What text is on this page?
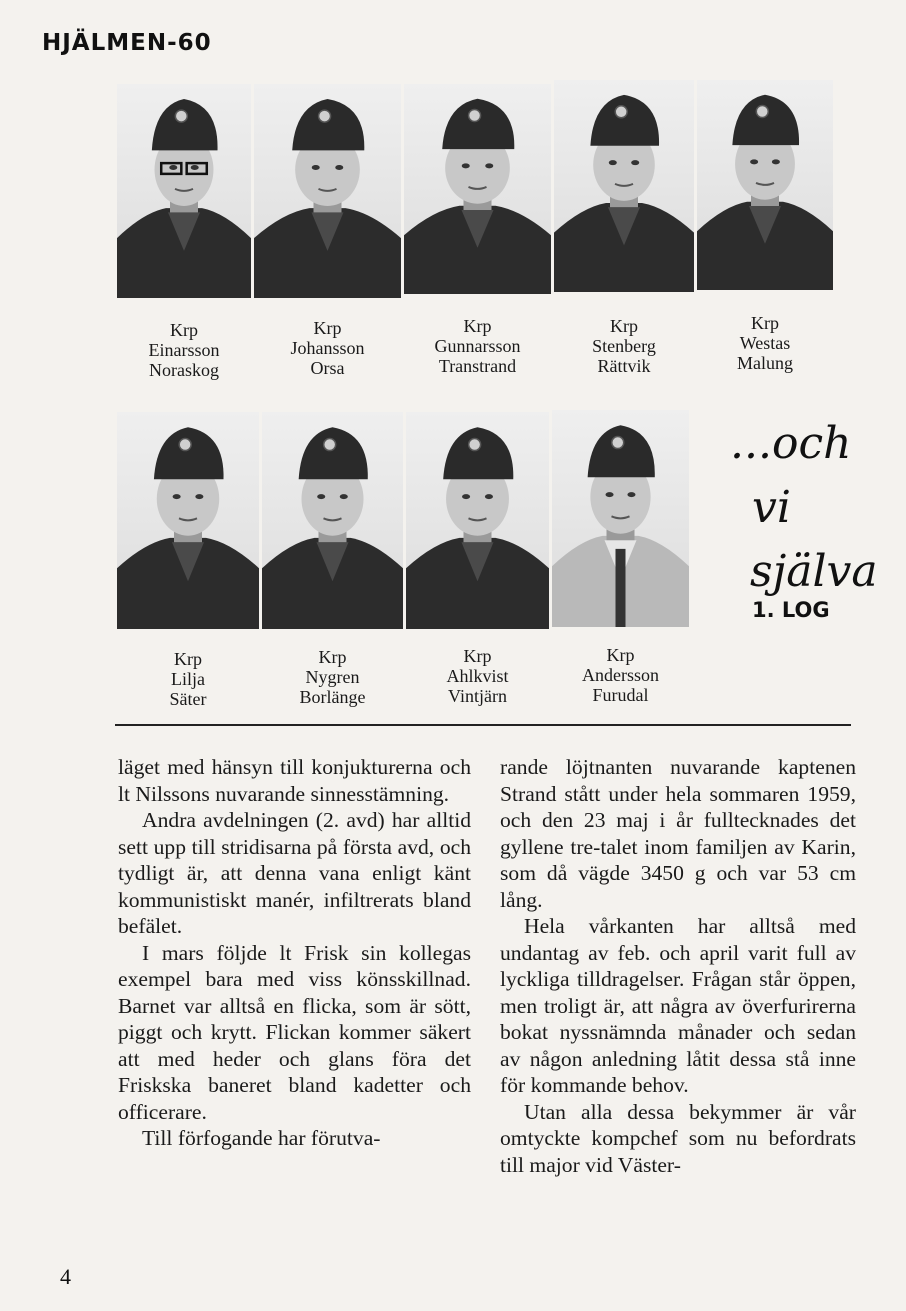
HJÄLMEN-60
Krp
Einarsson
Noraskog
Krp
Johansson
Orsa
Krp
Gunnarsson
Transtrand
Krp
Stenberg
Rättvik
Krp
Westas
Malung
Krp
Lilja
Säter
Krp
Nygren
Borlänge
Krp
Ahlkvist
Vintjärn
Krp
Andersson
Furudal
...och
vi
själva
1. LOG

läget med hänsyn till konjukturerna och lt Nilssons nuvarande sinnesstämning.

Andra avdelningen (2. avd) har alltid sett upp till stridisarna på första avd, och tydligt är, att denna vana enligt känt kommunistiskt manér, infiltrerats bland befälet.

I mars följde lt Frisk sin kollegas exempel bara med viss könsskillnad. Barnet var alltså en flicka, som är sött, piggt och krytt. Flickan kommer säkert att med heder och glans föra det Friskska baneret bland kadetter och officerare.

Till förfogande har förutva-

rande löjtnanten nuvarande kaptenen Strand stått under hela sommaren 1959, och den 23 maj i år fulltecknades det gyllene tre-talet inom familjen av Karin, som då vägde 3450 g och var 53 cm lång.

Hela vårkanten har alltså med undantag av feb. och april varit full av lyckliga tilldragelser. Frågan står öppen, men troligt är, att några av överfurirerna bokat nyssnämnda månader och sedan av någon anledning låtit dessa stå inne för kommande behov.

Utan alla dessa bekymmer är vår omtyckte kompchef som nu befordrats till major vid Väster-

4
